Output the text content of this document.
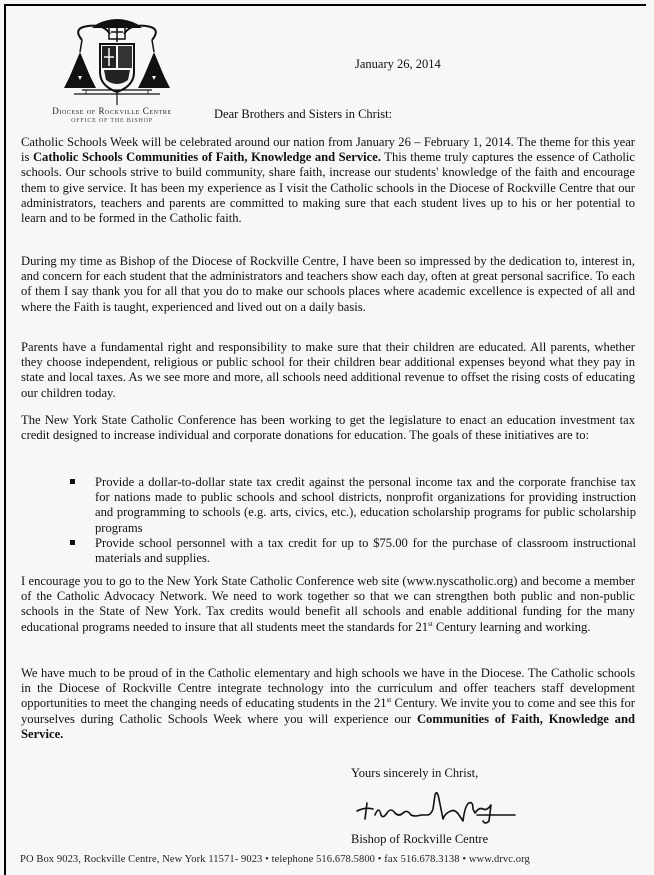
Diocese of Rockville Centre
OFFICE OF THE BISHOP
January 26, 2014
Dear Brothers and Sisters in Christ:
Catholic Schools Week will be celebrated around our nation from January 26 – February 1, 2014. The theme for this year is Catholic Schools Communities of Faith, Knowledge and Service. This theme truly captures the essence of Catholic schools. Our schools strive to build community, share faith, increase our students' knowledge of the faith and encourage them to give service. It has been my experience as I visit the Catholic schools in the Diocese of Rockville Centre that our administrators, teachers and parents are committed to making sure that each student lives up to his or her potential to learn and to be formed in the Catholic faith.
During my time as Bishop of the Diocese of Rockville Centre, I have been so impressed by the dedication to, interest in, and concern for each student that the administrators and teachers show each day, often at great personal sacrifice. To each of them I say thank you for all that you do to make our schools places where academic excellence is expected of all and where the Faith is taught, experienced and lived out on a daily basis.
Parents have a fundamental right and responsibility to make sure that their children are educated. All parents, whether they choose independent, religious or public school for their children bear additional expenses beyond what they pay in state and local taxes. As we see more and more, all schools need additional revenue to offset the rising costs of educating our children today.
The New York State Catholic Conference has been working to get the legislature to enact an education investment tax credit designed to increase individual and corporate donations for education. The goals of these initiatives are to:
Provide a dollar-to-dollar state tax credit against the personal income tax and the corporate franchise tax for nations made to public schools and school districts, nonprofit organizations for providing instruction and programming to schools (e.g. arts, civics, etc.), education scholarship programs for public scholarship programs
Provide school personnel with a tax credit for up to $75.00 for the purchase of classroom instructional materials and supplies.
I encourage you to go to the New York State Catholic Conference web site (www.nyscatholic.org) and become a member of the Catholic Advocacy Network. We need to work together so that we can strengthen both public and non-public schools in the State of New York. Tax credits would benefit all schools and enable additional funding for the many educational programs needed to insure that all students meet the standards for 21st Century learning and working.
We have much to be proud of in the Catholic elementary and high schools we have in the Diocese. The Catholic schools in the Diocese of Rockville Centre integrate technology into the curriculum and offer teachers staff development opportunities to meet the changing needs of educating students in the 21st Century. We invite you to come and see this for yourselves during Catholic Schools Week where you will experience our Communities of Faith, Knowledge and Service.
Yours sincerely in Christ,
Bishop of Rockville Centre
PO Box 9023, Rockville Centre, New York 11571- 9023 • telephone 516.678.5800 • fax 516.678.3138 • www.drvc.org
